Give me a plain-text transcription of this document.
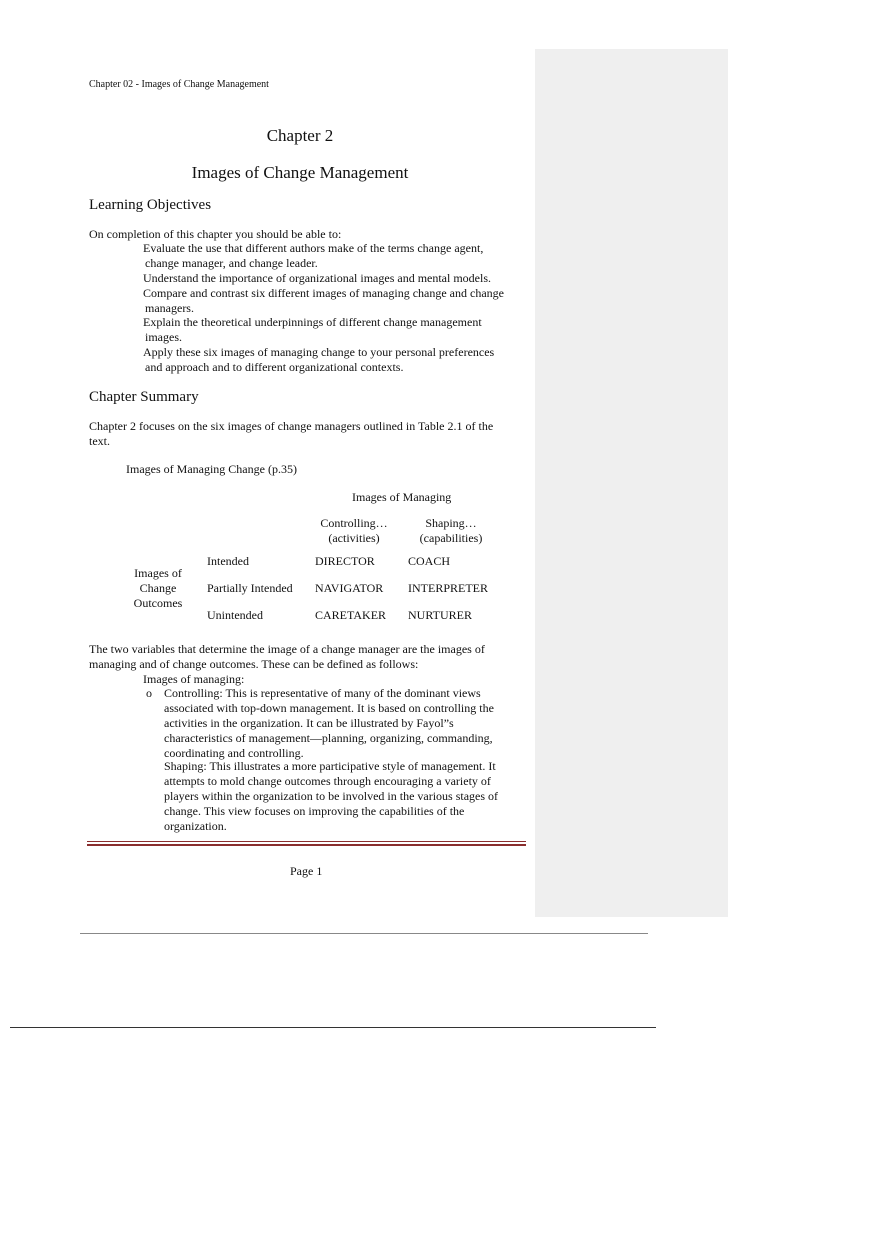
Chapter 02 - Images of Change Management
Chapter 2
Images of Change Management
Learning Objectives
On completion of this chapter you should be able to:
Evaluate the use that different authors make of the terms change agent,
change manager, and change leader.
Understand the importance of organizational images and mental models.
Compare and contrast six different images of managing change and change
managers.
Explain the theoretical underpinnings of different change management
images.
Apply these six images of managing change to your personal preferences
and approach and to different organizational contexts.
Chapter Summary
Chapter 2 focuses on the six images of change managers outlined in Table 2.1 of the
text.
Images of Managing Change (p.35)
Images of Managing
Controlling…
(activities)
Shaping…
(capabilities)
Images of
Change
Outcomes
Intended	DIRECTOR	COACH
Partially Intended NAVIGATOR INTERPRETER
Unintended	CARETAKER NURTURER
The two variables that determine the image of a change manager are the images of
managing and of change outcomes. These can be defined as follows:
Images of managing:
o Controlling: This is representative of many of the dominant views
associated with top-down management. It is based on controlling the
activities in the organization. It can be illustrated by Fayol”s
characteristics of management—planning, organizing, commanding,
coordinating and controlling.
Shaping: This illustrates a more participative style of management. It
attempts to mold change outcomes through encouraging a variety of
players within the organization to be involved in the various stages of
change. This view focuses on improving the capabilities of the
organization.
Page 1
